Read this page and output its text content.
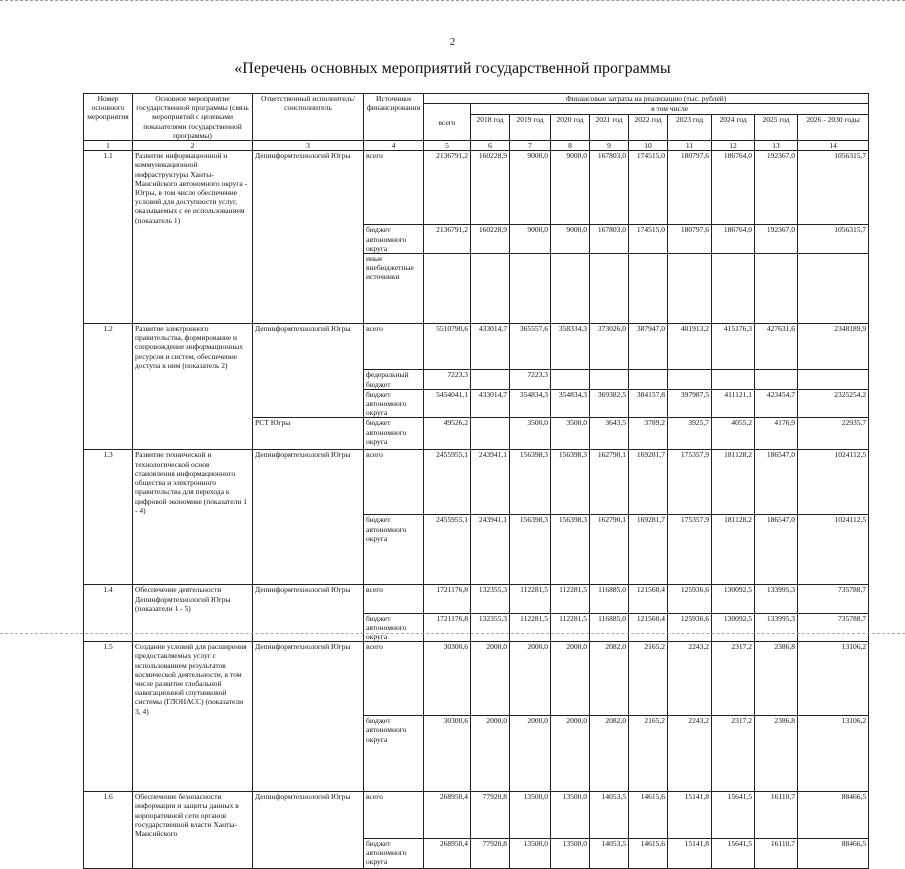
2
«Перечень основных мероприятий государственной программы
Номер основного мероприятия	Основное мероприятие государственной программы (связь мероприятий с целевыми показателями государственной программы)	Ответственный исполнитель/соисполнитель	Источники финансирования	Финансовые затраты на реализацию (тыс. рублей)									
				всего	в том числе								
					2018 год	2019 год	2020 год	2021 год	2022 год	2023 год	2024 год	2025 год	2026 - 2030 годы
1	2	3	4	5	6	7	8	9	10	11	12	13	14
1.1	Развитие информационной и коммуникационной инфраструктуры Ханты-Мансийского автономного округа - Югры, в том числе обеспечение условий для доступности услуг, оказываемых с ее использованием (показатель 1)	Депинформтехнологий Югры	всего	2136791,2	160228,9	9000,0	9000,0	167803,0	174515,0	180797,6	186764,0	192367,0	1056315,7
			бюджет автономного округа	2136791,2	160228,9	9000,0	9000,0	167803,0	174515,0	180797,6	186764,0	192367,0	1056315,7
			иные внебюджетные источники										
1.2	Развитие электронного правительства, формирование и сопровождение информационных ресурсов и систем, обеспечение доступа к ним (показатель 2)	Депинформтехнологий Югры	всего	5510790,6	433014,7	365557,6	358334,3	373026,0	387947,0	401913,2	415176,3	427631,6	2348189,9
			федеральный бюджет	7223,3		7223,3							
			бюджет автономного округа	5454041,1	433014,7	354834,3	354834,3	369382,5	384157,8	397987,5	411121,1	423454,7	2325254,2
		РСТ Югры	бюджет автономного округа	49526,2		3500,0	3500,0	3643,5	3789,2	3925,7	4055,2	4176,9	22935,7
1.3	Развитие технической и технологической основ становления информационного общества и электронного правительства для перехода к цифровой экономике (показатели 1 - 4)	Депинформтехнологий Югры	всего	2455955,1	243941,1	156398,3	156398,3	162790,1	169281,7	175357,9	181128,2	186547,0	1024112,5
			бюджет автономного округа	2455955,1	243941,1	156398,3	156398,3	162790,1	169281,7	175357,9	181128,2	186547,0	1024112,5
1.4	Обеспечение деятельности Депинформтехнологий Югры (показатели 1 - 5)	Депинформтехнологий Югры	всего	1721176,8	132355,3	112281,5	112281,5	116885,0	121560,4	125936,6	130092,5	133995,3	735788,7
			бюджет автономного округа	1721176,8	132355,3	112281,5	112281,5	116885,0	121560,4	125936,6	130092,5	133995,3	735788,7
1.5	Создание условий для расширения предоставляемых услуг с использованием результатов космической деятельности, в том числе развитие глобальной навигационной спутниковой системы (ГЛОНАСС) (показатели 3, 4)	Депинформтехнологий Югры	всего	30300,6	2000,0	2000,0	2000,0	2082,0	2165,2	2243,2	2317,2	2386,8	13106,2
			бюджет автономного округа	30300,6	2000,0	2000,0	2000,0	2082,0	2165,2	2243,2	2317,2	2386,8	13106,2
1.6	Обеспечение безопасности информации и защиты данных в корпоративной сети органов государственной власти Ханты-Мансийского	Депинформтехнологий Югры	всего	268950,4	77920,8	13500,0	13500,0	14053,5	14615,6	15141,8	15641,5	16110,7	88466,5
			бюджет автономного округа	268950,4	77920,8	13500,0	13500,0	14053,5	14615,6	15141,8	15641,5	16110,7	88466,5
